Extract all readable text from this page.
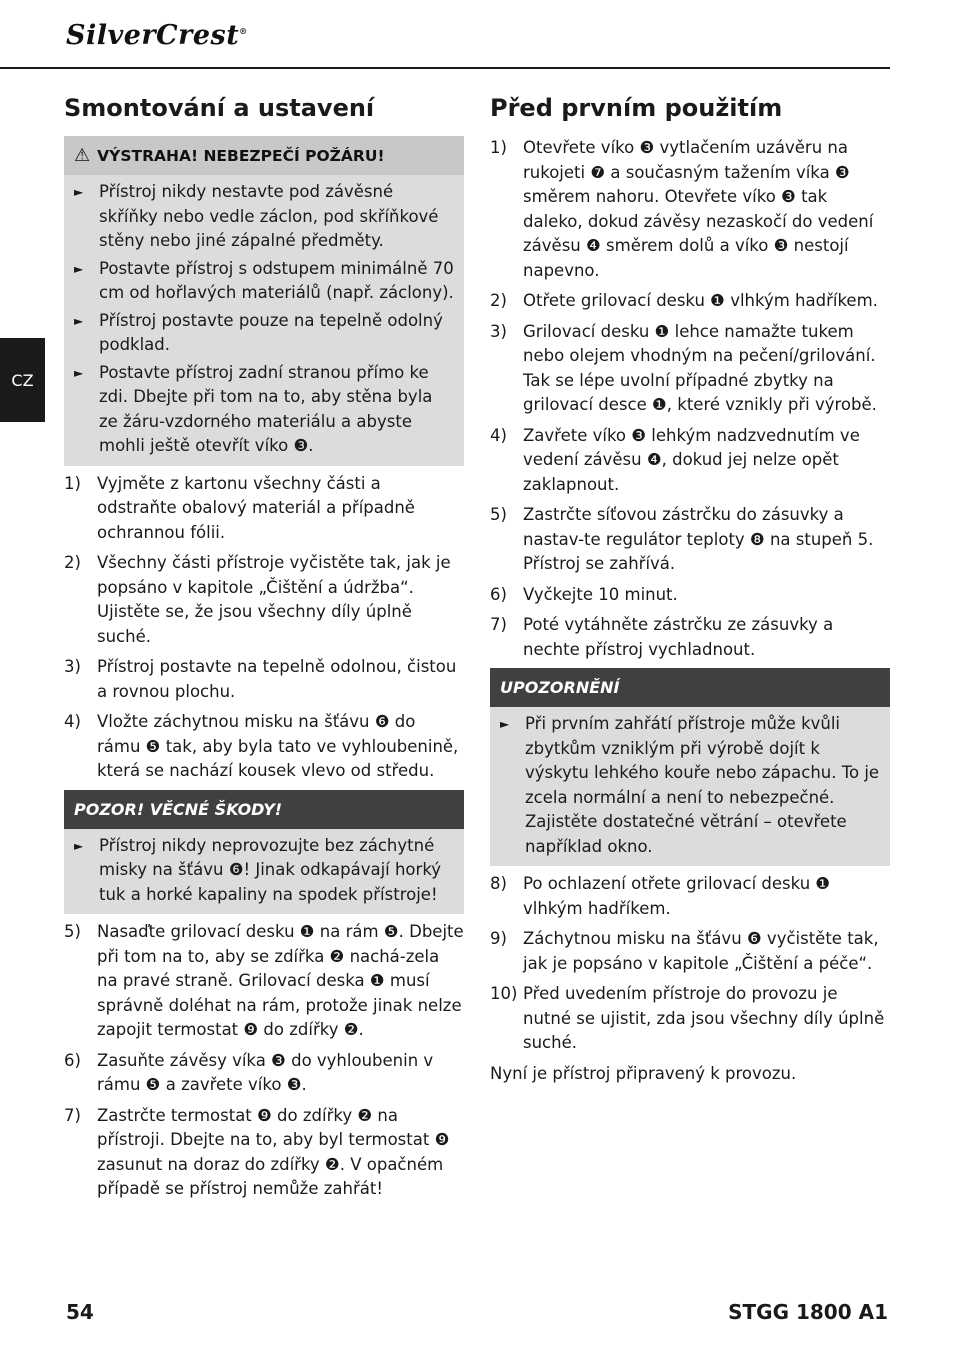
SilverCrest®
CZ
Smontování a ustavení
⚠ VÝSTRAHA! NEBEZPEČÍ POŽÁRU!
► Přístroj nikdy nestavte pod závěsné skříňky nebo vedle záclon, pod skříňkové stěny nebo jiné zápalné předměty.
► Postavte přístroj s odstupem minimálně 70 cm od hořlavých materiálů (např. záclony).
► Přístroj postavte pouze na tepelně odolný podklad.
► Postavte přístroj zadní stranou přímo ke zdi. Dbejte při tom na to, aby stěna byla ze žáru-vzdorného materiálu a abyste mohli ještě otevřít víko ❸.
1) Vyjměte z kartonu všechny části a odstraňte obalový materiál a případně ochrannou fólii.
2) Všechny části přístroje vyčistěte tak, jak je popsáno v kapitole „Čištění a údržba“. Ujistěte se, že jsou všechny díly úplně suché.
3) Přístroj postavte na tepelně odolnou, čistou a rovnou plochu.
4) Vložte záchytnou misku na šťávu ❻ do rámu ❺ tak, aby byla tato ve vyhloubenině, která se nachází kousek vlevo od středu.
POZOR! VĚCNÉ ŠKODY!
► Přístroj nikdy neprovozujte bez záchytné misky na šťávu ❻! Jinak odkapávají horký tuk a horké kapaliny na spodek přístroje!
5) Nasaďte grilovací desku ❶ na rám ❺. Dbejte při tom na to, aby se zdířka ❷ nachá-zela na pravé straně. Grilovací deska ❶ musí správně doléhat na rám, protože jinak nelze zapojit termostat ❾ do zdířky ❷.
6) Zasuňte závěsy víka ❸ do vyhloubenin v rámu ❺ a zavřete víko ❸.
7) Zastrčte termostat ❾ do zdířky ❷ na přístroji. Dbejte na to, aby byl termostat ❾ zasunut na doraz do zdířky ❷. V opačném případě se přístroj nemůže zahřát!
Před prvním použitím
1) Otevřete víko ❸ vytlačením uzávěru na rukojeti ❼ a současným tažením víka ❸ směrem nahoru. Otevřete víko ❸ tak daleko, dokud závěsy nezaskočí do vedení závěsu ❹ směrem dolů a víko ❸ nestojí napevno.
2) Otřete grilovací desku ❶ vlhkým hadříkem.
3) Grilovací desku ❶ lehce namažte tukem nebo olejem vhodným na pečení/grilování. Tak se lépe uvolní případné zbytky na grilovací desce ❶, které vznikly při výrobě.
4) Zavřete víko ❸ lehkým nadzvednutím ve vedení závěsu ❹, dokud jej nelze opět zaklapnout.
5) Zastrčte síťovou zástrčku do zásuvky a nastav-te regulátor teploty ❽ na stupeň 5. Přístroj se zahřívá.
6) Vyčkejte 10 minut.
7) Poté vytáhněte zástrčku ze zásuvky a nechte přístroj vychladnout.
UPOZORNĚNÍ
► Při prvním zahřátí přístroje může kvůli zbytkům vzniklým při výrobě dojít k výskytu lehkého kouře nebo zápachu. To je zcela normální a není to nebezpečné. Zajistěte dostatečné větrání – otevřete například okno.
8) Po ochlazení otřete grilovací desku ❶ vlhkým hadříkem.
9) Záchytnou misku na šťávu ❻ vyčistěte tak, jak je popsáno v kapitole „Čištění a péče“.
10) Před uvedením přístroje do provozu je nutné se ujistit, zda jsou všechny díly úplně suché.
Nyní je přístroj připravený k provozu.
54	STGG 1800 A1
